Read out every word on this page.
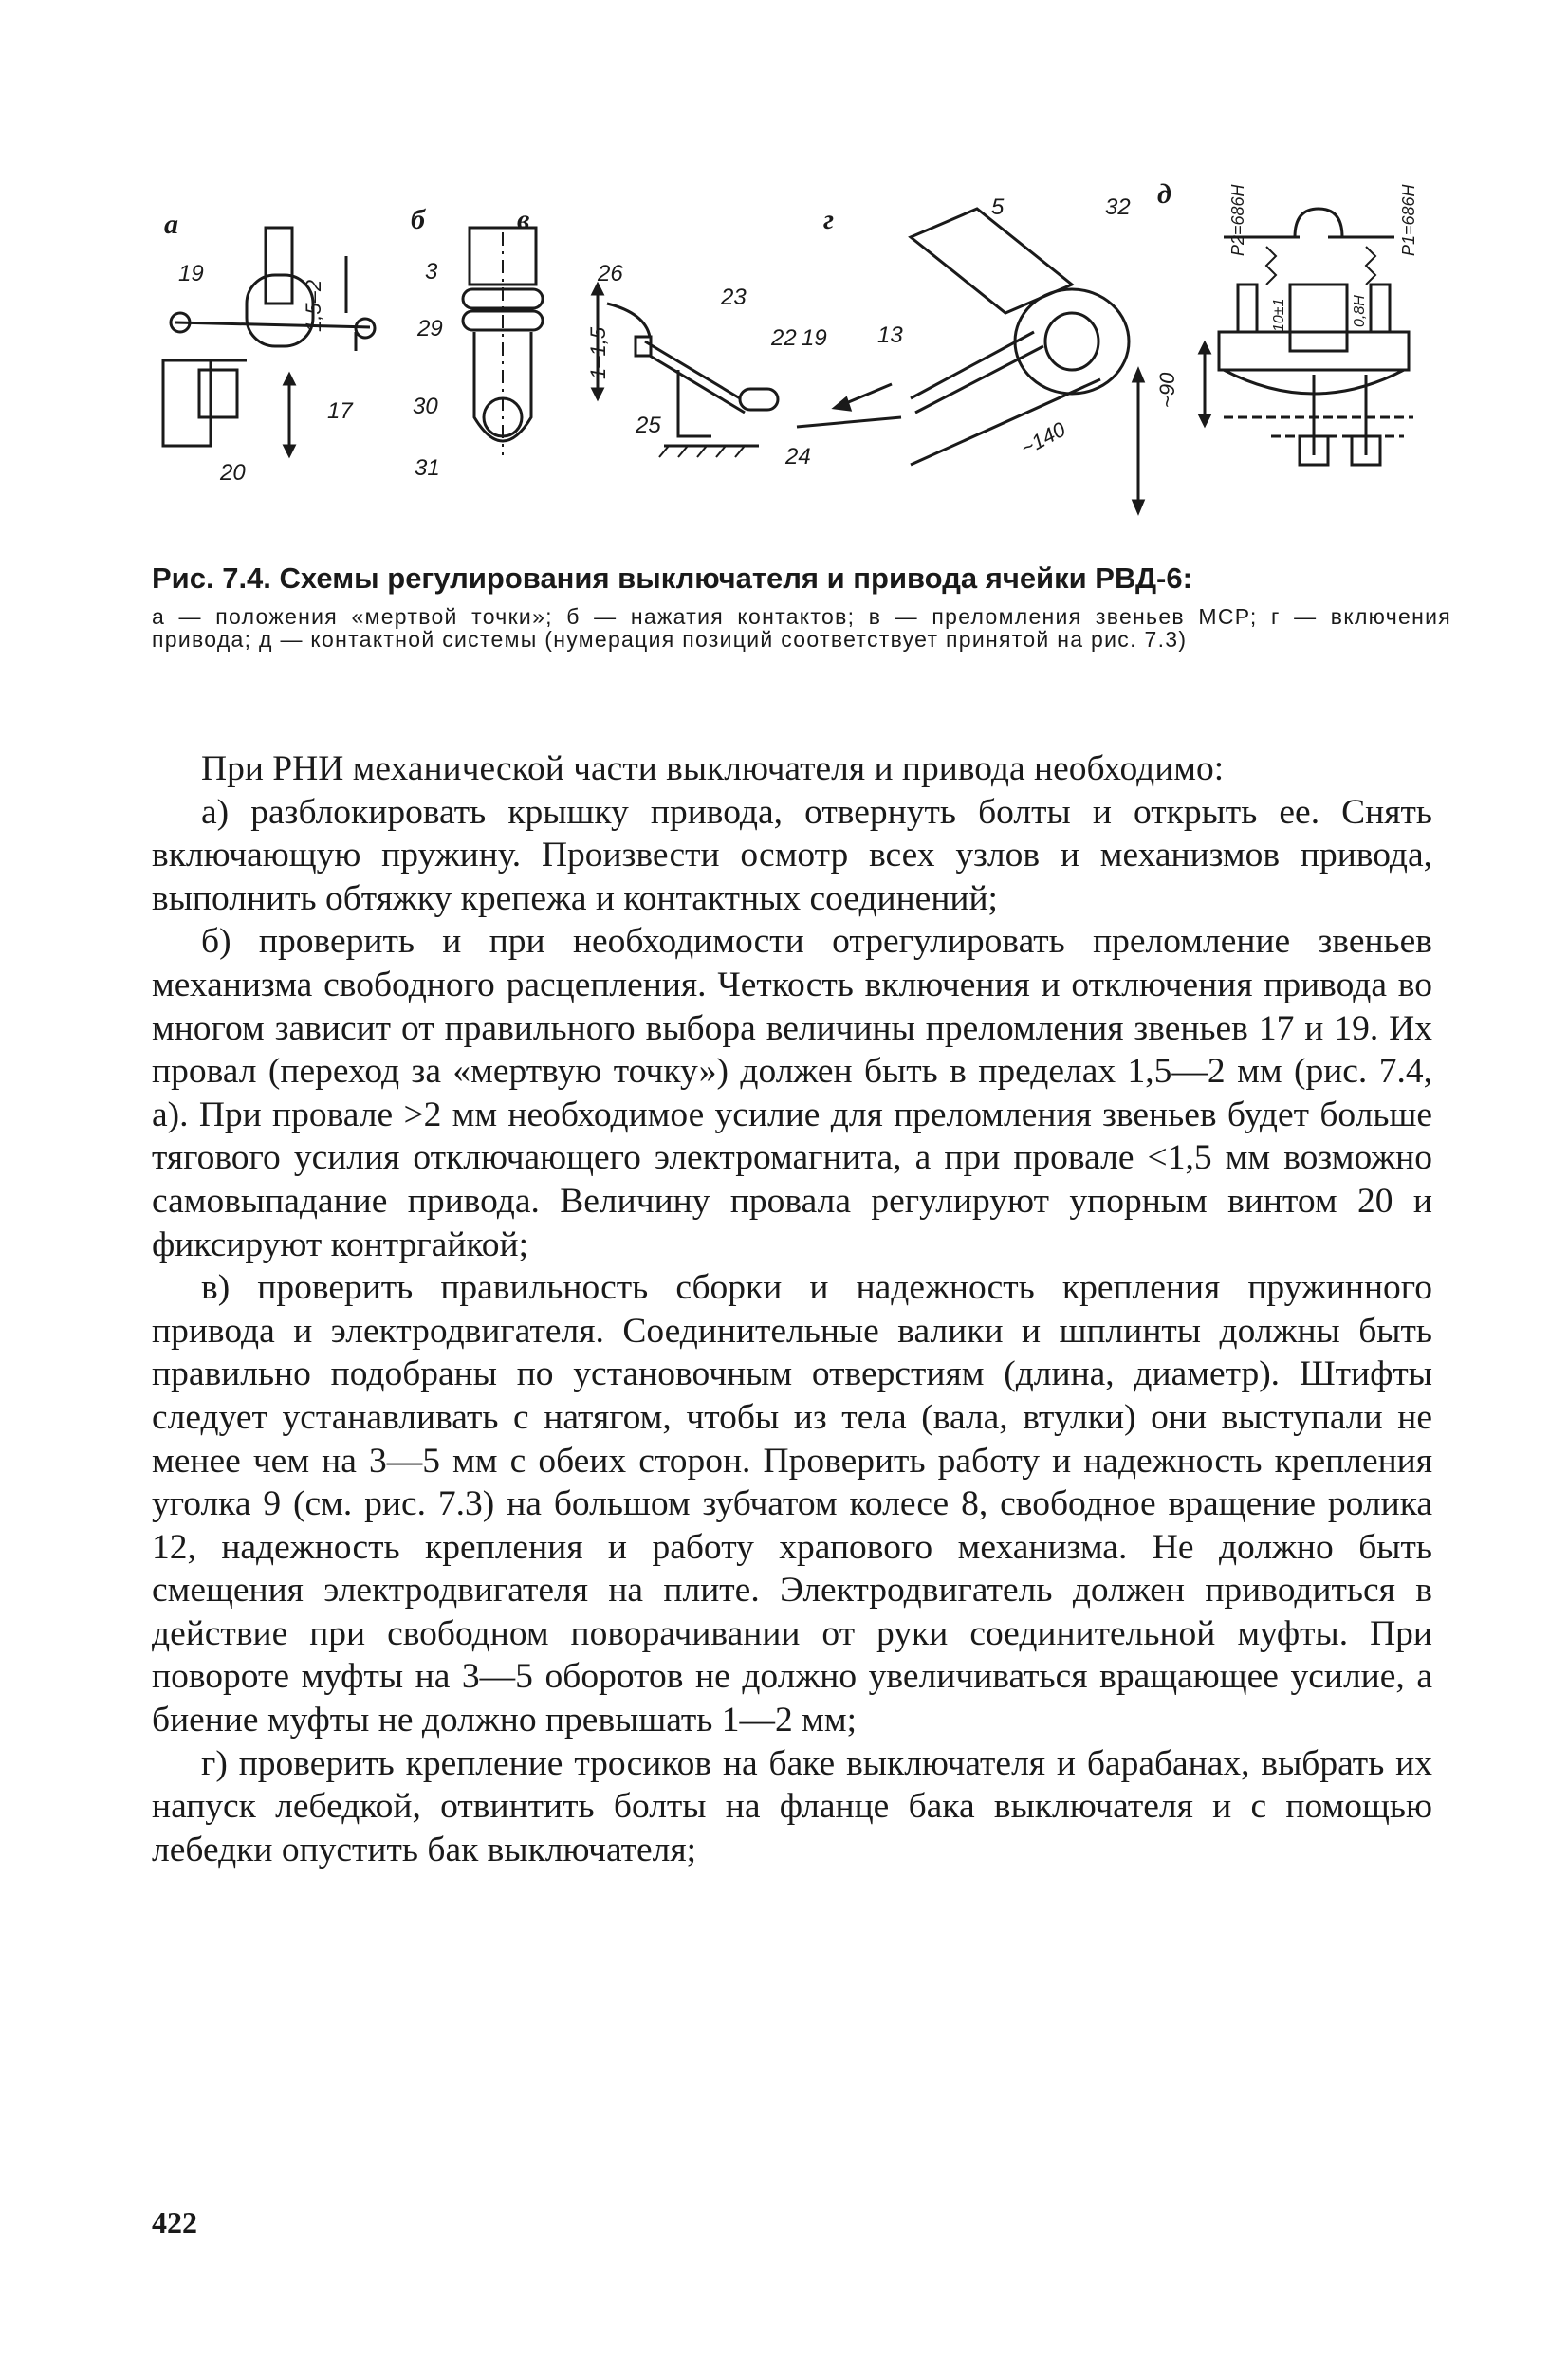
а	б	в	г
д
19
17
20
1,5–2
3
29
30
31
26
23
22 19
25
24
1–1,5
5	32
13
~140
~90
P2=686H	P1=686H
10±1	0,8H
Рис. 7.4. Схемы регулирования выключателя и привода ячейки РВД-6:
а — положения «мертвой точки»; б — нажатия контактов; в — преломления звеньев МСР; г — включения привода; д — контактной системы (нумерация позиций соответствует принятой на рис. 7.3)

При РНИ механической части выключателя и привода необходимо:

а) разблокировать крышку привода, отвернуть болты и открыть ее. Снять включающую пружину. Произвести осмотр всех узлов и механизмов привода, выполнить обтяжку крепежа и контактных соединений;

б) проверить и при необходимости отрегулировать преломление звеньев механизма свободного расцепления. Четкость включения и отключения привода во многом зависит от правильного выбора величины преломления звеньев 17 и 19. Их провал (переход за «мертвую точку») должен быть в пределах 1,5—2 мм (рис. 7.4, а). При провале >2 мм необходимое усилие для преломления звеньев будет больше тягового усилия отключающего электромагнита, а при провале <1,5 мм возможно самовыпадание привода. Величину провала регулируют упорным винтом 20 и фиксируют контргайкой;

в) проверить правильность сборки и надежность крепления пружинного привода и электродвигателя. Соединительные валики и шплинты должны быть правильно подобраны по установочным отверстиям (длина, диаметр). Штифты следует устанавливать с натягом, чтобы из тела (вала, втулки) они выступали не менее чем на 3—5 мм с обеих сторон. Проверить работу и надежность крепления уголка 9 (см. рис. 7.3) на большом зубчатом колесе 8, свободное вращение ролика 12, надежность крепления и работу храпового механизма. Не должно быть смещения электродвигателя на плите. Электродвигатель должен приводиться в действие при свободном поворачивании от руки соединительной муфты. При повороте муфты на 3—5 оборотов не должно увеличиваться вращающее усилие, а биение муфты не должно превышать 1—2 мм;

г) проверить крепление тросиков на баке выключателя и барабанах, выбрать их напуск лебедкой, отвинтить болты на фланце бака выключателя и с помощью лебедки опустить бак выключателя;

422
